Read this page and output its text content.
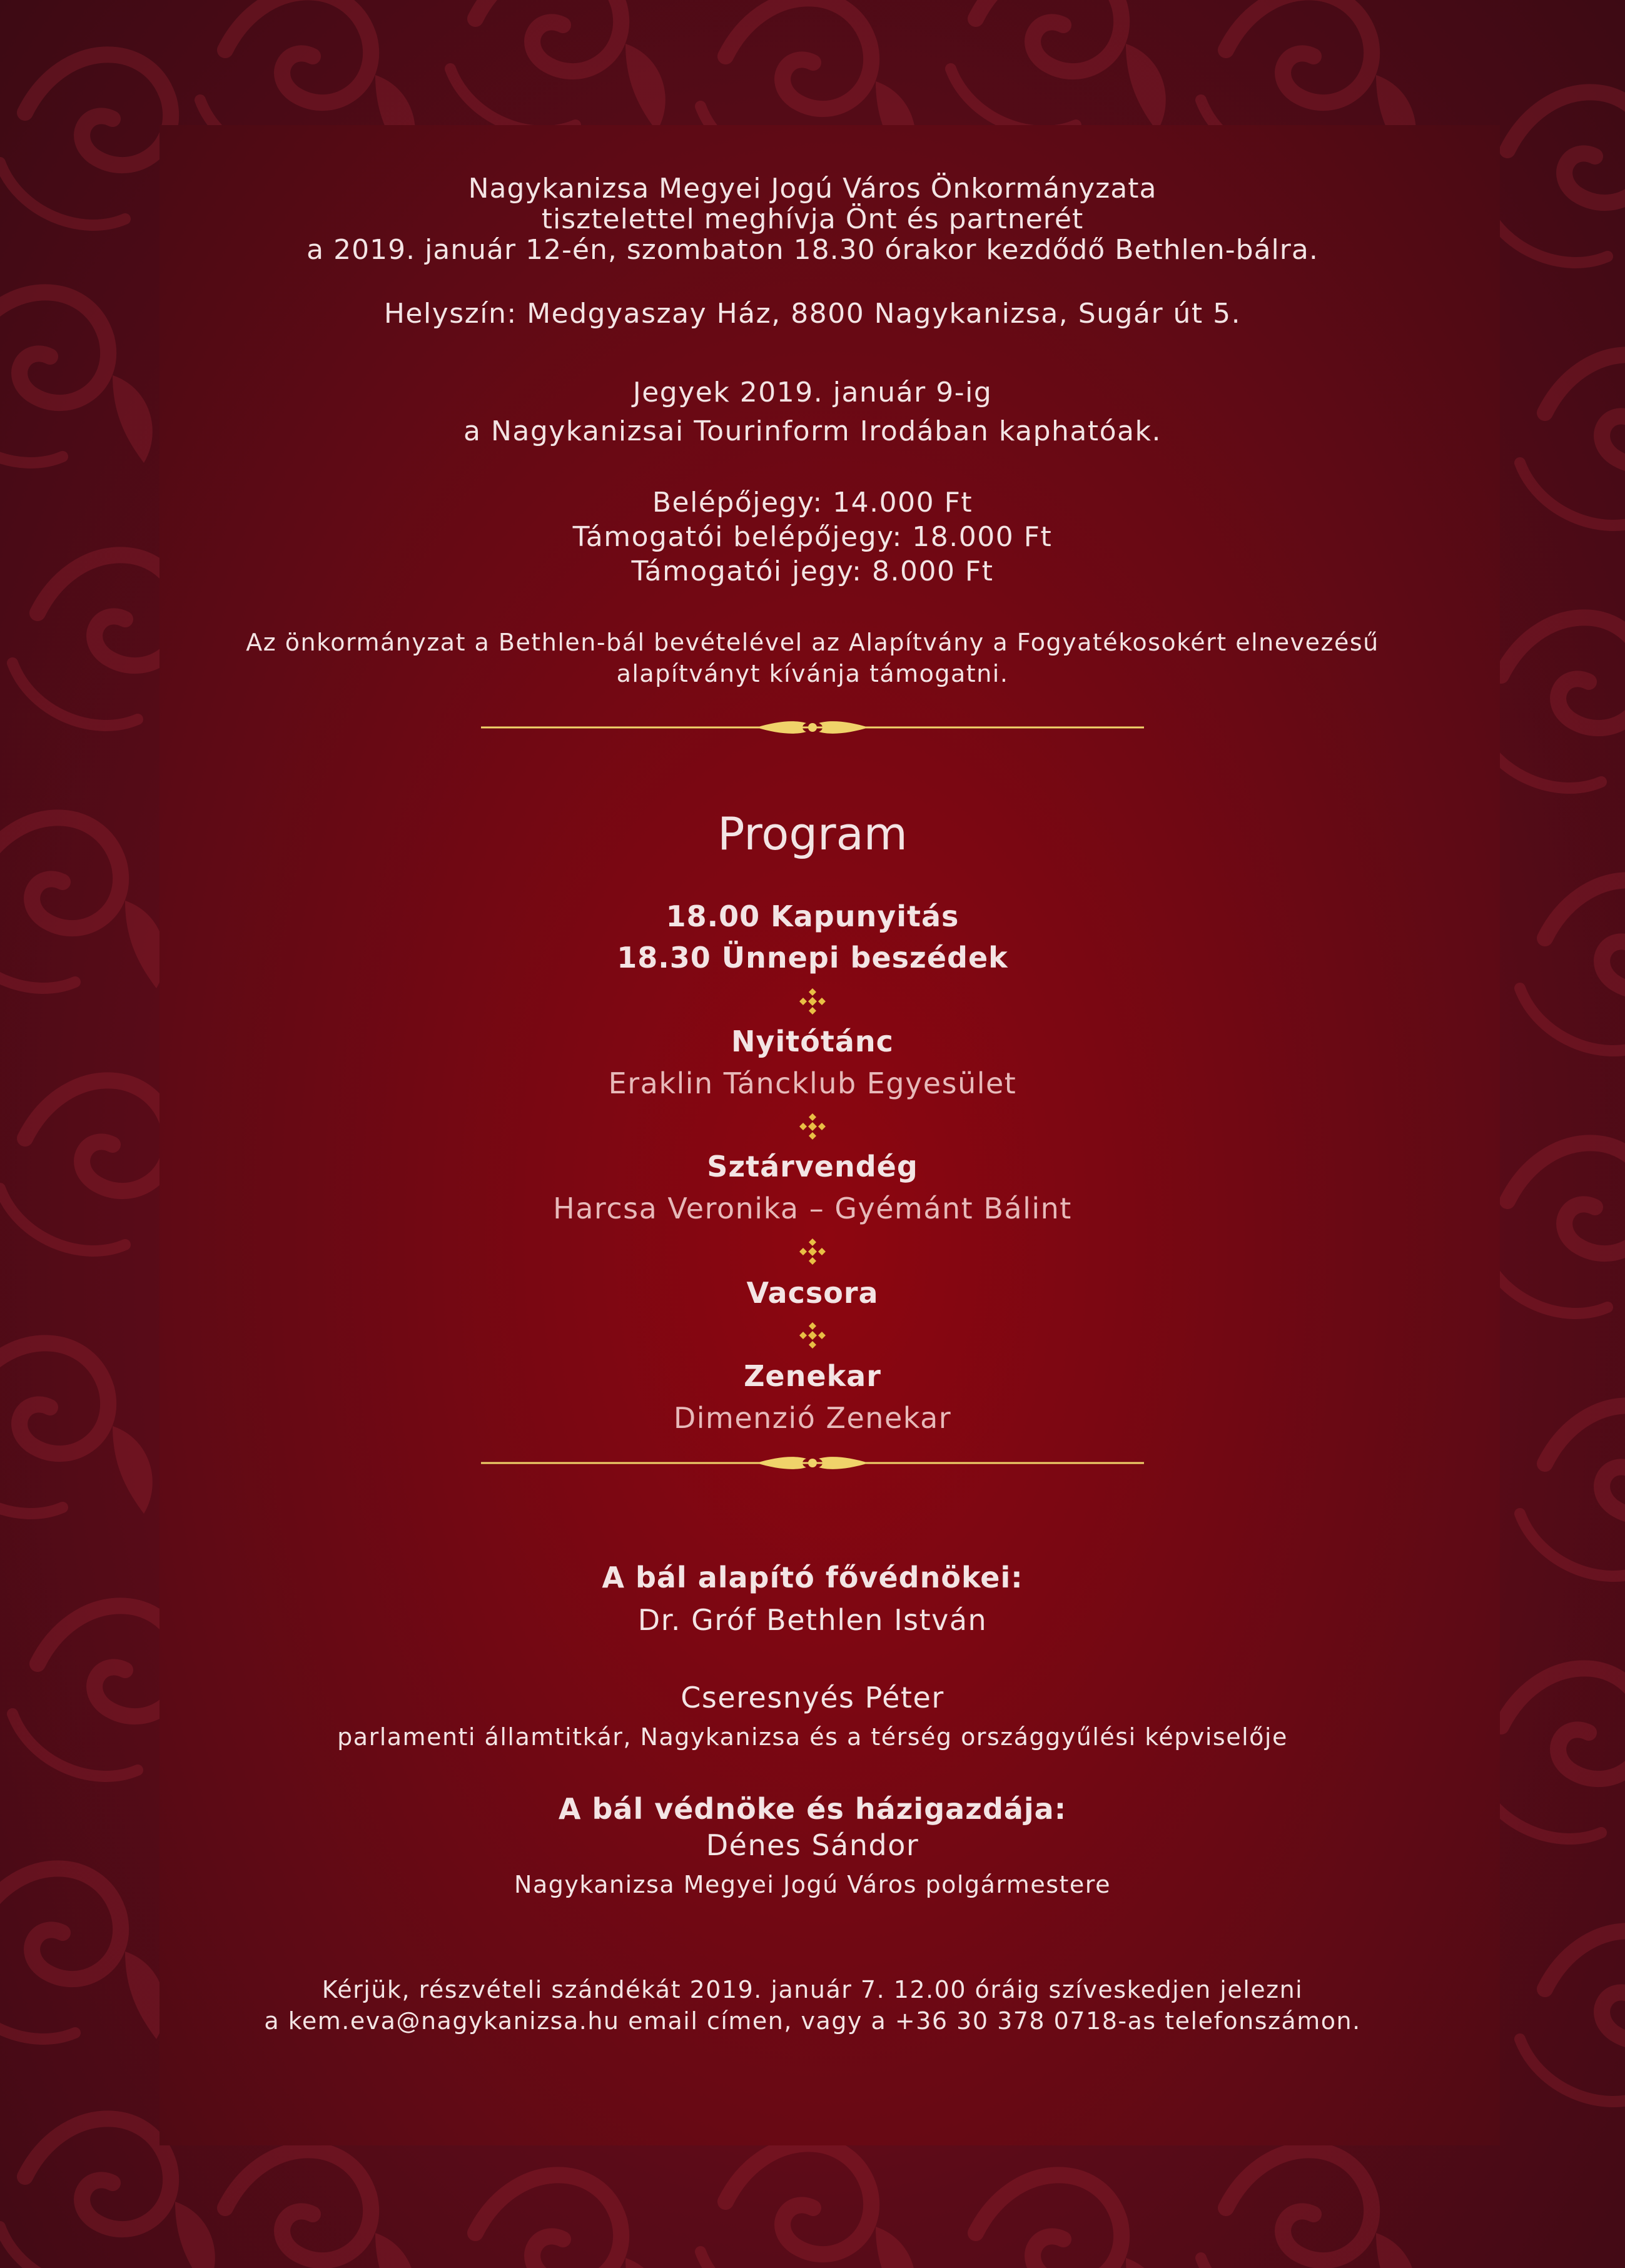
Nagykanizsa Megyei Jogú Város Önkormányzata
tisztelettel meghívja Önt és partnerét
a 2019. január 12-én, szombaton 18.30 órakor kezdődő Bethlen-bálra.
Helyszín: Medgyaszay Ház, 8800 Nagykanizsa, Sugár út 5.
Jegyek 2019. január 9-ig
a Nagykanizsai Tourinform Irodában kaphatóak.
Belépőjegy: 14.000 Ft
Támogatói belépőjegy: 18.000 Ft
Támogatói jegy: 8.000 Ft
Az önkormányzat a Bethlen-bál bevételével az Alapítvány a Fogyatékosokért elnevezésű
alapítványt kívánja támogatni.
Program
18.00 Kapunyitás
18.30 Ünnepi beszédek
Nyitótánc
Eraklin Táncklub Egyesület
Sztárvendég
Harcsa Veronika – Gyémánt Bálint
Vacsora
Zenekar
Dimenzió Zenekar
A bál alapító fővédnökei:
Dr. Gróf Bethlen István
Cseresnyés Péter
parlamenti államtitkár, Nagykanizsa és a térség országgyűlési képviselője
A bál védnöke és házigazdája:
Dénes Sándor
Nagykanizsa Megyei Jogú Város polgármestere
Kérjük, részvételi szándékát 2019. január 7. 12.00 óráig szíveskedjen jelezni
a kem.eva@nagykanizsa.hu email címen, vagy a +36 30 378 0718-as telefonszámon.
